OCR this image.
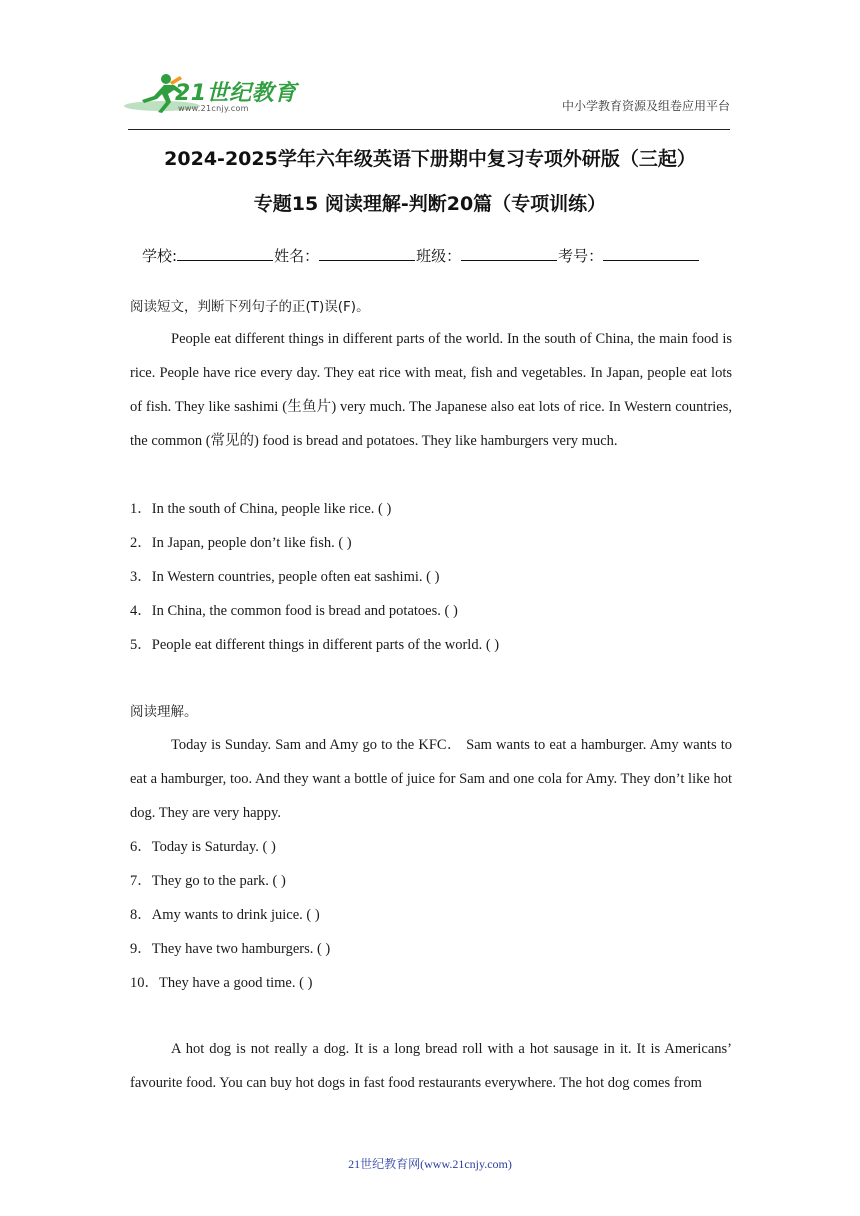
21世纪教育
www.21cnjy.com	中小学教育资源及组卷应用平台
2024-2025学年六年级英语下册期中复习专项外研版（三起）
专题15 阅读理解-判断20篇（专项训练）
学校:	姓名：	班级：	考号：
阅读短文，判断下列句子的正(T)误(F)。

People eat different things in different parts of the world. In the south of China, the main food is rice. People have rice every day. They eat rice with meat, fish and vegetables. In Japan, people eat lots of fish. They like sashimi (生鱼片) very much. The Japanese also eat lots of rice. In Western countries, the common (常见的) food is bread and potatoes. They like hamburgers very much.

1．In the south of China, people like rice. ( )
2．In Japan, people don’t like fish. ( )
3．In Western countries, people often eat sashimi. ( )
4．In China, the common food is bread and potatoes. ( )
5．People eat different things in different parts of the world. ( )
阅读理解。

Today is Sunday. Sam and Amy go to the KFC． Sam wants to eat a hamburger. Amy wants to eat a hamburger, too. And they want a bottle of juice for Sam and one cola for Amy. They don’t like hot dog. They are very happy.

6．Today is Saturday. ( )
7．They go to the park. ( )
8．Amy wants to drink juice. ( )
9．They have two hamburgers. ( )
10．They have a good time. ( )

A hot dog is not really a dog. It is a long bread roll with a hot sausage in it. It is Americans’ favourite food. You can buy hot dogs in fast food restaurants everywhere. The hot dog comes from

21世纪教育网(www.21cnjy.com)
